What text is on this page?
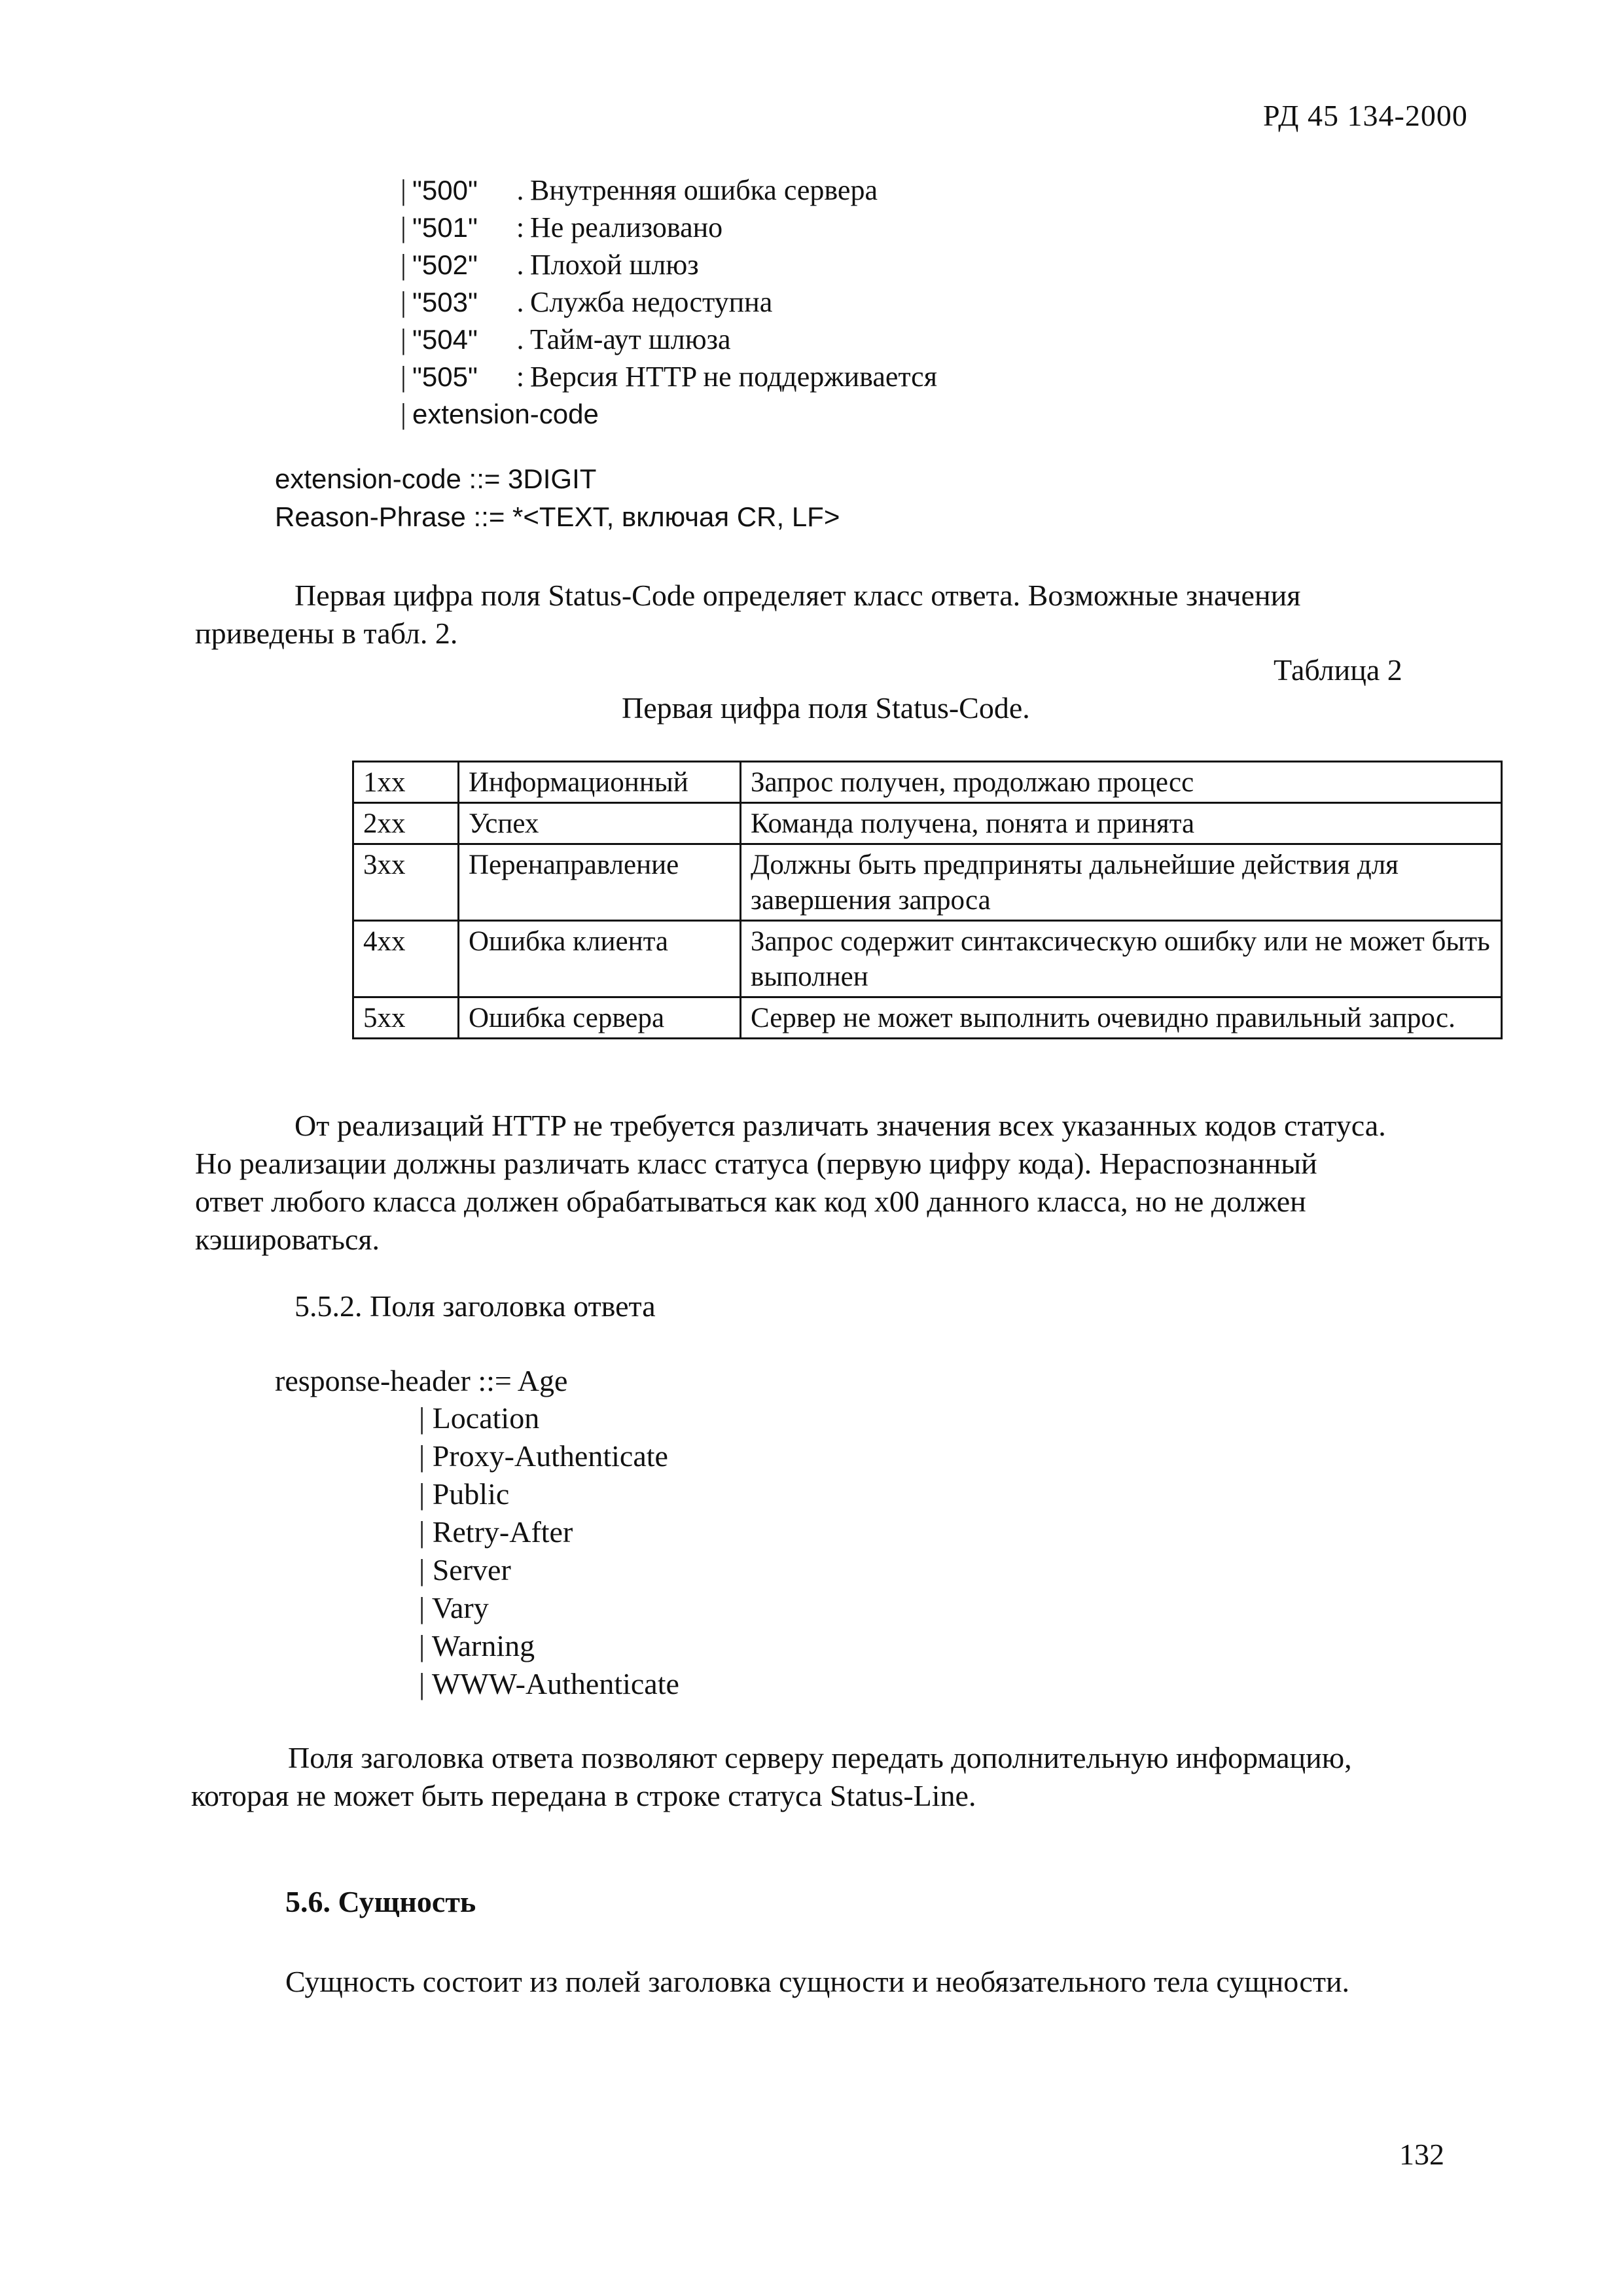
РД 45 134-2000
| "500"	. Внутренняя ошибка сервера
| "501"	: Не реализовано
| "502"	. Плохой шлюз
| "503"	. Служба недоступна
| "504"	. Тайм-аут шлюза
| "505"	: Версия HTTP не поддерживается
| extension-code
extension-code ::= 3DIGIT
Reason-Phrase ::= *<TEXT, включая CR, LF>
Первая цифра поля Status-Code определяет класс ответа. Возможные значения
приведены в табл. 2.
Таблица 2
Первая цифра поля Status-Code.
1xx	Информационный	Запрос получен, продолжаю процесс
2xx	Успех	Команда получена, понята и принята
3xx	Перенаправление	Должны быть предприняты дальнейшие действия для завершения запроса
4xx	Ошибка клиента	Запрос содержит синтаксическую ошибку или не может быть выполнен
5xx	Ошибка сервера	Сервер не может выполнить очевидно правильный запрос.
От реализаций HTTP не требуется различать значения всех указанных кодов статуса.
Но реализации должны различать класс статуса (первую цифру кода). Нераспознанный
ответ любого класса должен обрабатываться как код x00 данного класса, но не должен
кэшироваться.
5.5.2. Поля заголовка ответа
response-header ::= Age
| Location
| Proxy-Authenticate
| Public
| Retry-After
| Server
| Vary
| Warning
| WWW-Authenticate
Поля заголовка ответа позволяют серверу передать дополнительную информацию,
которая не может быть передана в строке статуса Status-Line.
5.6. Сущность
Сущность состоит из полей заголовка сущности и необязательного тела сущности.
132
